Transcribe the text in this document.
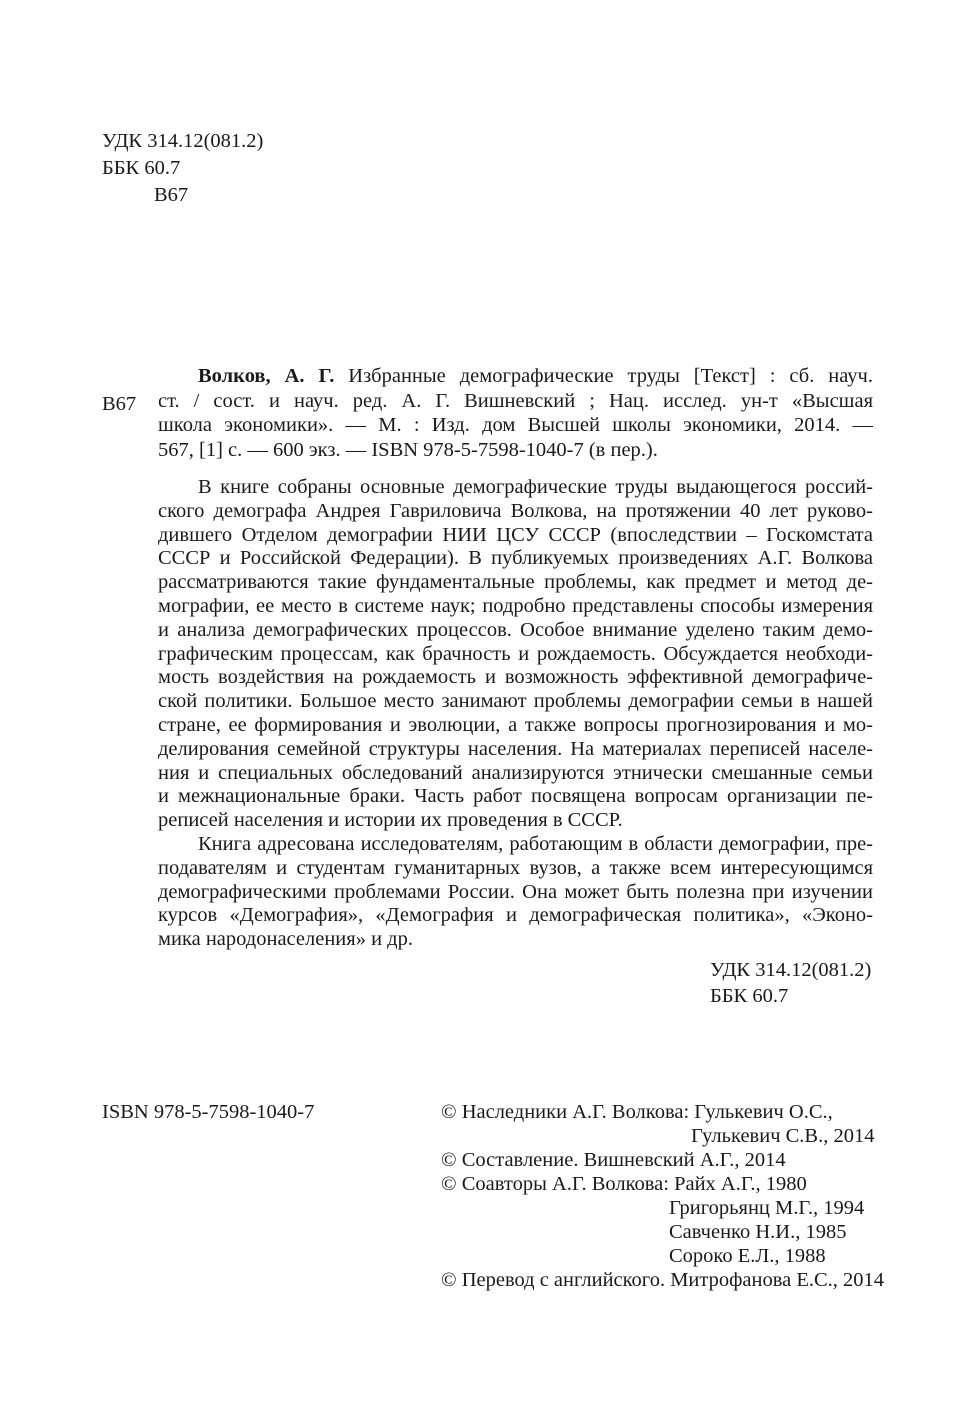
УДК 314.12(081.2)
ББК 60.7
В67
В67
Волков, А. Г. Избранные демографические труды [Текст] : сб. науч.
ст. / сост. и науч. ред. А. Г. Вишневский ; Нац. исслед. ун-т «Высшая
школа экономики». — М. : Изд. дом Высшей школы экономики, 2014. —
567, [1] с. — 600 экз. — ISBN 978-5-7598-1040-7 (в пер.).
В книге собраны основные демографические труды выдающегося россий-
ского демографа Андрея Гавриловича Волкова, на протяжении 40 лет руково-
дившего Отделом демографии НИИ ЦСУ СССР (впоследствии – Госкомстата
СССР и Российской Федерации). В публикуемых произведениях А.Г. Волкова
рассматриваются такие фундаментальные проблемы, как предмет и метод де-
мографии, ее место в системе наук; подробно представлены способы измерения
и анализа демографических процессов. Особое внимание уделено таким демо-
графическим процессам, как брачность и рождаемость. Обсуждается необходи-
мость воздействия на рождаемость и возможность эффективной демографиче-
ской политики. Большое место занимают проблемы демографии семьи в нашей
стране, ее формирования и эволюции, а также вопросы прогнозирования и мо-
делирования семейной структуры населения. На материалах переписей населе-
ния и специальных обследований анализируются этнически смешанные семьи
и межнациональные браки. Часть работ посвящена вопросам организации пе-
реписей населения и истории их проведения в СССР.
Книга адресована исследователям, работающим в области демографии, пре-
подавателям и студентам гуманитарных вузов, а также всем интересующимся
демографическими проблемами России. Она может быть полезна при изучении
курсов «Демография», «Демография и демографическая политика», «Эконо-
мика народонаселения» и др.
УДК 314.12(081.2)
ББК 60.7
ISBN 978-5-7598-1040-7	© Наследники А.Г. Волкова: Гулькевич О.С.,
Гулькевич С.В., 2014
© Составление. Вишневский А.Г., 2014
© Соавторы А.Г. Волкова: Райх А.Г., 1980
Григорьянц М.Г., 1994
Савченко Н.И., 1985
Сороко Е.Л., 1988
© Перевод с английского. Митрофанова Е.С., 2014
